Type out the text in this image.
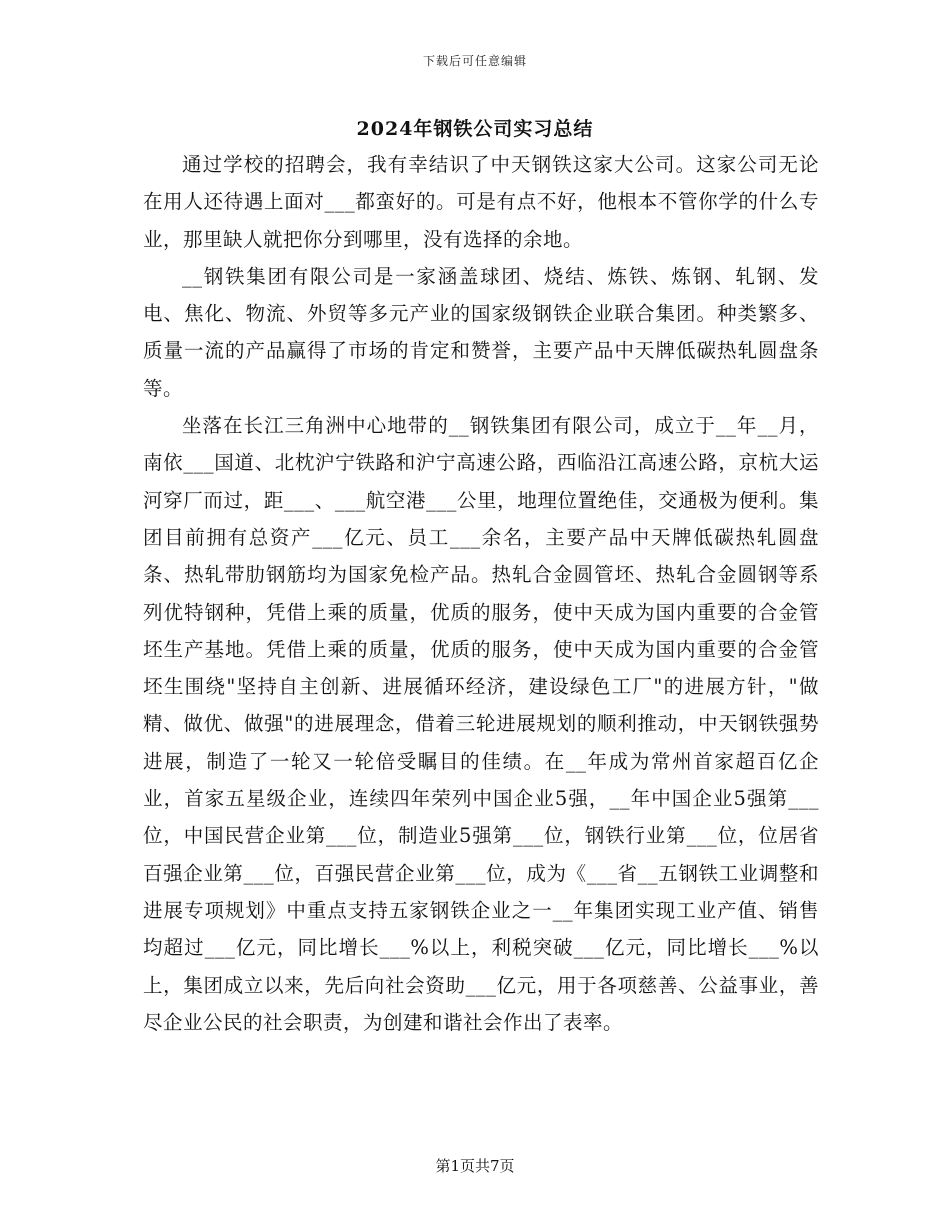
下载后可任意编辑
2024年钢铁公司实习总结

通过学校的招聘会，我有幸结识了中天钢铁这家大公司。这家公司无论在用人还待遇上面对___都蛮好的。可是有点不好，他根本不管你学的什么专业，那里缺人就把你分到哪里，没有选择的余地。

__钢铁集团有限公司是一家涵盖球团、烧结、炼铁、炼钢、轧钢、发电、焦化、物流、外贸等多元产业的国家级钢铁企业联合集团。种类繁多、质量一流的产品赢得了市场的肯定和赞誉，主要产品中天牌低碳热轧圆盘条等。

坐落在长江三角洲中心地带的__钢铁集团有限公司，成立于__年__月，南依___国道、北枕沪宁铁路和沪宁高速公路，西临沿江高速公路，京杭大运河穿厂而过，距___、___航空港___公里，地理位置绝佳，交通极为便利。集团目前拥有总资产___亿元、员工___余名，主要产品中天牌低碳热轧圆盘条、热轧带肋钢筋均为国家免检产品。热轧合金圆管坯、热轧合金圆钢等系列优特钢种，凭借上乘的质量，优质的服务，使中天成为国内重要的合金管坯生产基地。凭借上乘的质量，优质的服务，使中天成为国内重要的合金管坯生围绕"坚持自主创新、进展循环经济，建设绿色工厂"的进展方针，"做精、做优、做强"的进展理念，借着三轮进展规划的顺利推动，中天钢铁强势进展，制造了一轮又一轮倍受瞩目的佳绩。在__年成为常州首家超百亿企业，首家五星级企业，连续四年荣列中国企业5强，__年中国企业5强第___位，中国民营企业第___位，制造业5强第___位，钢铁行业第___位，位居省百强企业第___位，百强民营企业第___位，成为《___省__五钢铁工业调整和进展专项规划》中重点支持五家钢铁企业之一__年集团实现工业产值、销售均超过___亿元，同比增长___%以上，利税突破___亿元，同比增长___%以上，集团成立以来，先后向社会资助___亿元，用于各项慈善、公益事业，善尽企业公民的社会职责，为创建和谐社会作出了表率。

第1页共7页
